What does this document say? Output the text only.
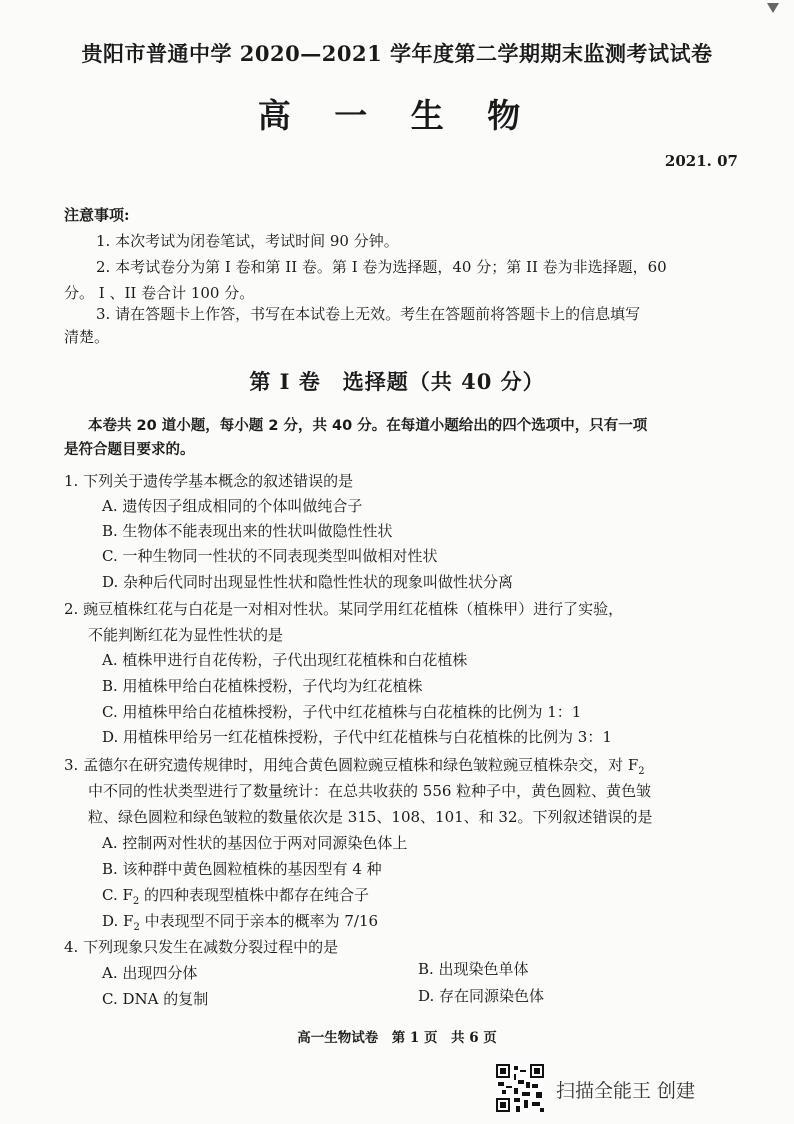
贵阳市普通中学 2020—2021 学年度第二学期期末监测考试试卷
高 一 生 物
2021. 07
注意事项:
1. 本次考试为闭卷笔试，考试时间 90 分钟。
2. 本考试卷分为第 I 卷和第 II 卷。第 I 卷为选择题，40 分；第 II 卷为非选择题，60
分。 I 、II 卷合计 100 分。
3. 请在答题卡上作答，书写在本试卷上无效。考生在答题前将答题卡上的信息填写
清楚。
第 I 卷　选择题（共 40 分）
本卷共 20 道小题，每小题 2 分，共 40 分。在每道小题给出的四个选项中，只有一项
是符合题目要求的。
1. 下列关于遗传学基本概念的叙述错误的是
A. 遗传因子组成相同的个体叫做纯合子
B. 生物体不能表现出来的性状叫做隐性性状
C. 一种生物同一性状的不同表现类型叫做相对性状
D. 杂种后代同时出现显性性状和隐性性状的现象叫做性状分离
2. 豌豆植株红花与白花是一对相对性状。某同学用红花植株（植株甲）进行了实验，
不能判断红花为显性性状的是
A. 植株甲进行自花传粉，子代出现红花植株和白花植株
B. 用植株甲给白花植株授粉，子代均为红花植株
C. 用植株甲给白花植株授粉，子代中红花植株与白花植株的比例为 1：1
D. 用植株甲给另一红花植株授粉，子代中红花植株与白花植株的比例为 3：1
3. 孟德尔在研究遗传规律时，用纯合黄色圆粒豌豆植株和绿色皱粒豌豆植株杂交，对 $F_2$
中不同的性状类型进行了数量统计：在总共收获的 556 粒种子中，黄色圆粒、黄色皱
粒、绿色圆粒和绿色皱粒的数量依次是 315、108、101、和 32。下列叙述错误的是
A. 控制两对性状的基因位于两对同源染色体上
B. 该种群中黄色圆粒植株的基因型有 4 种
C. $F_2$ 的四种表现型植株中都存在纯合子
D. $F_2$ 中表现型不同于亲本的概率为 7/16
4. 下列现象只发生在减数分裂过程中的是
A. 出现四分体	B. 出现染色单体
C. DNA 的复制	D. 存在同源染色体
高一生物试卷　第 1 页　共 6 页
扫描全能王 创建
